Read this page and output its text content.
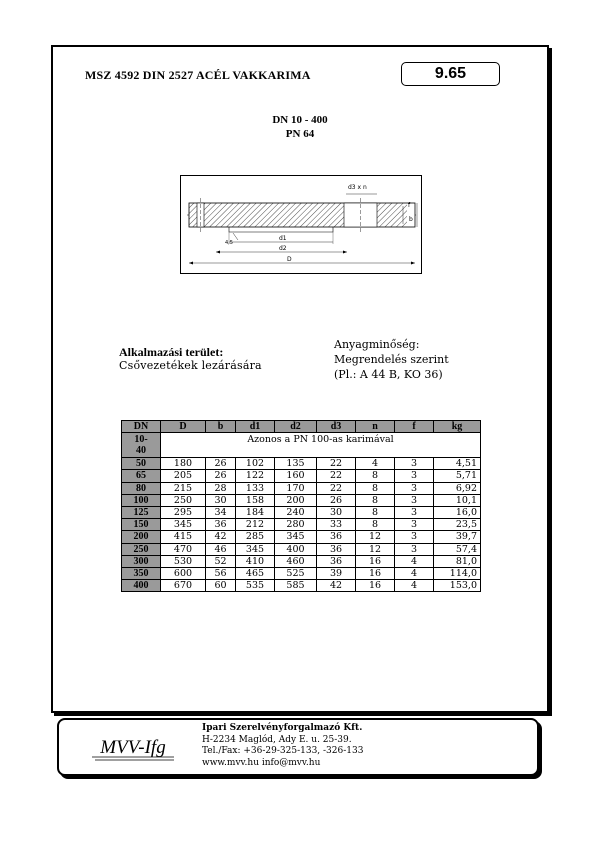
MSZ 4592 DIN 2527 ACÉL VAKKARIMA	9.65
DN 10 - 400
PN 64
d3 x n
f
b
4,5
d1
d2
D
Alkalmazási terület:
Csővezetékek lezárására
Anyagminőség:
Megrendelés szerint
(Pl.: A 44 B, KO 36)
DN	D	b	d1	d2	d3	n	f	kg
10-
40	Azonos a PN 100-as karimával							
50	180	26	102	135	22	4	3	4,51
65	205	26	122	160	22	8	3	5,71
80	215	28	133	170	22	8	3	6,92
100	250	30	158	200	26	8	3	10,1
125	295	34	184	240	30	8	3	16,0
150	345	36	212	280	33	8	3	23,5
200	415	42	285	345	36	12	3	39,7
250	470	46	345	400	36	12	3	57,4
300	530	52	410	460	36	16	4	81,0
350	600	56	465	525	39	16	4	114,0
400	670	60	535	585	42	16	4	153,0
MVV-Ifg
Ipari Szerelvényforgalmazó Kft.
H-2234 Maglód, Ady E. u. 25-39.
Tel./Fax: +36-29-325-133, -326-133
www.mvv.hu info@mvv.hu
